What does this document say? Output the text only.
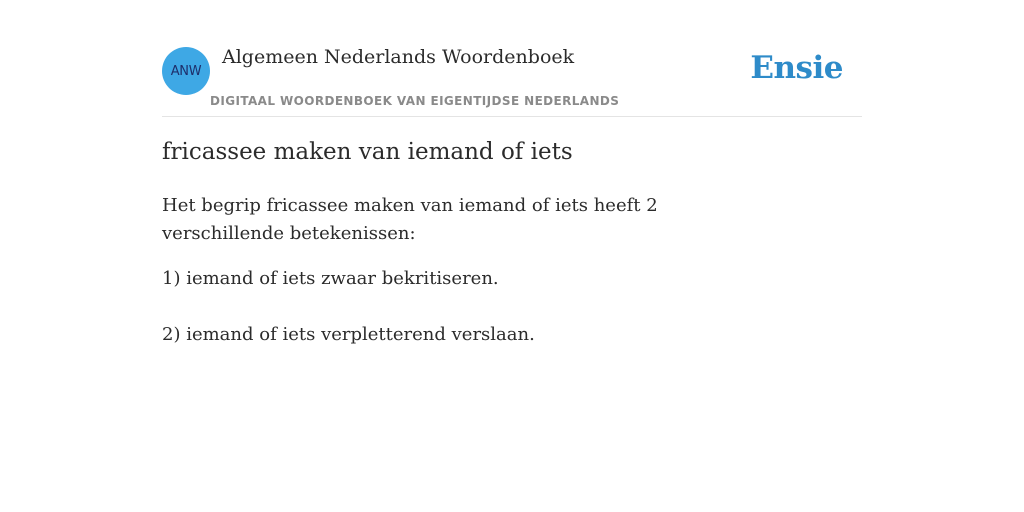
ANW
Algemeen Nederlands Woordenboek
DIGITAAL WOORDENBOEK VAN EIGENTIJDSE NEDERLANDS
Ensie
fricassee maken van iemand of iets
Het begrip fricassee maken van iemand of iets heeft 2 verschillende betekenissen:
1) iemand of iets zwaar bekritiseren.
2) iemand of iets verpletterend verslaan.
